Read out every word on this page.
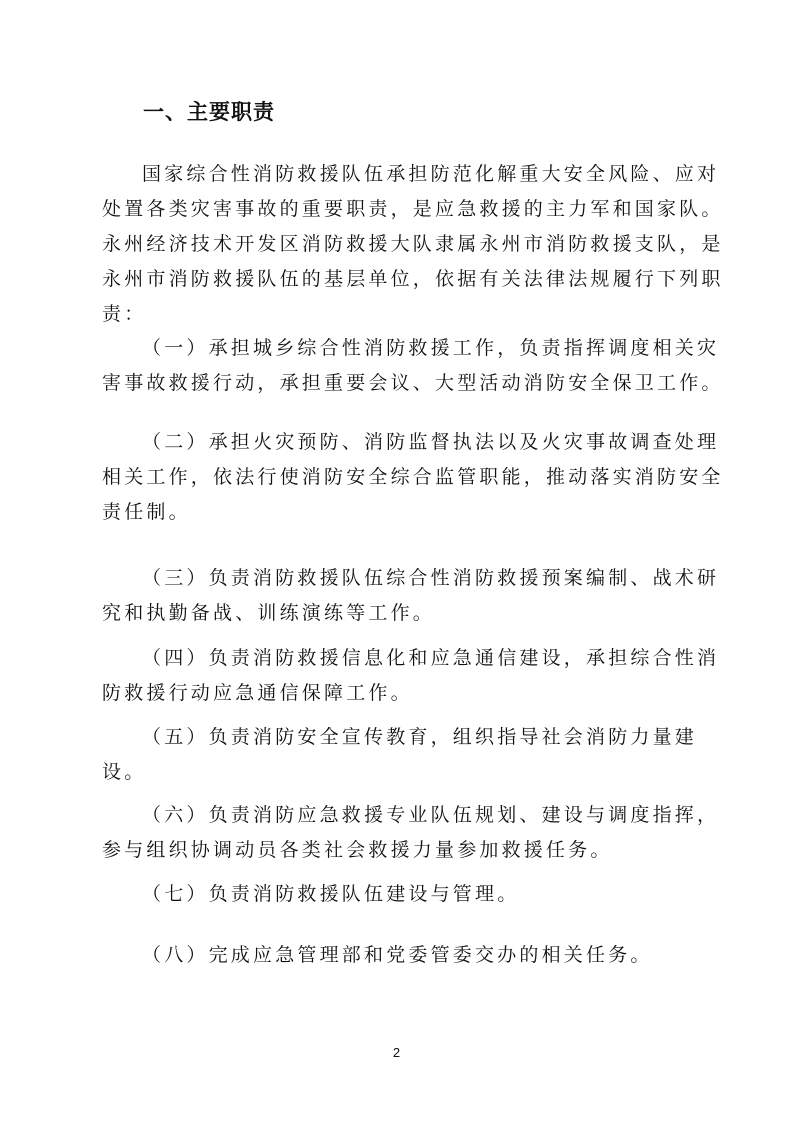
一、主要职责
国家综合性消防救援队伍承担防范化解重大安全风险、应对
处置各类灾害事故的重要职责，是应急救援的主力军和国家队。
永州经济技术开发区消防救援大队隶属永州市消防救援支队，是
永州市消防救援队伍的基层单位，依据有关法律法规履行下列职
责：
（一）承担城乡综合性消防救援工作，负责指挥调度相关灾
害事故救援行动，承担重要会议、大型活动消防安全保卫工作。
（二）承担火灾预防、消防监督执法以及火灾事故调查处理
相关工作，依法行使消防安全综合监管职能，推动落实消防安全
责任制。
（三）负责消防救援队伍综合性消防救援预案编制、战术研
究和执勤备战、训练演练等工作。
（四）负责消防救援信息化和应急通信建设，承担综合性消
防救援行动应急通信保障工作。
（五）负责消防安全宣传教育，组织指导社会消防力量建
设。
（六）负责消防应急救援专业队伍规划、建设与调度指挥，
参与组织协调动员各类社会救援力量参加救援任务。
（七）负责消防救援队伍建设与管理。
（八）完成应急管理部和党委管委交办的相关任务。
2
